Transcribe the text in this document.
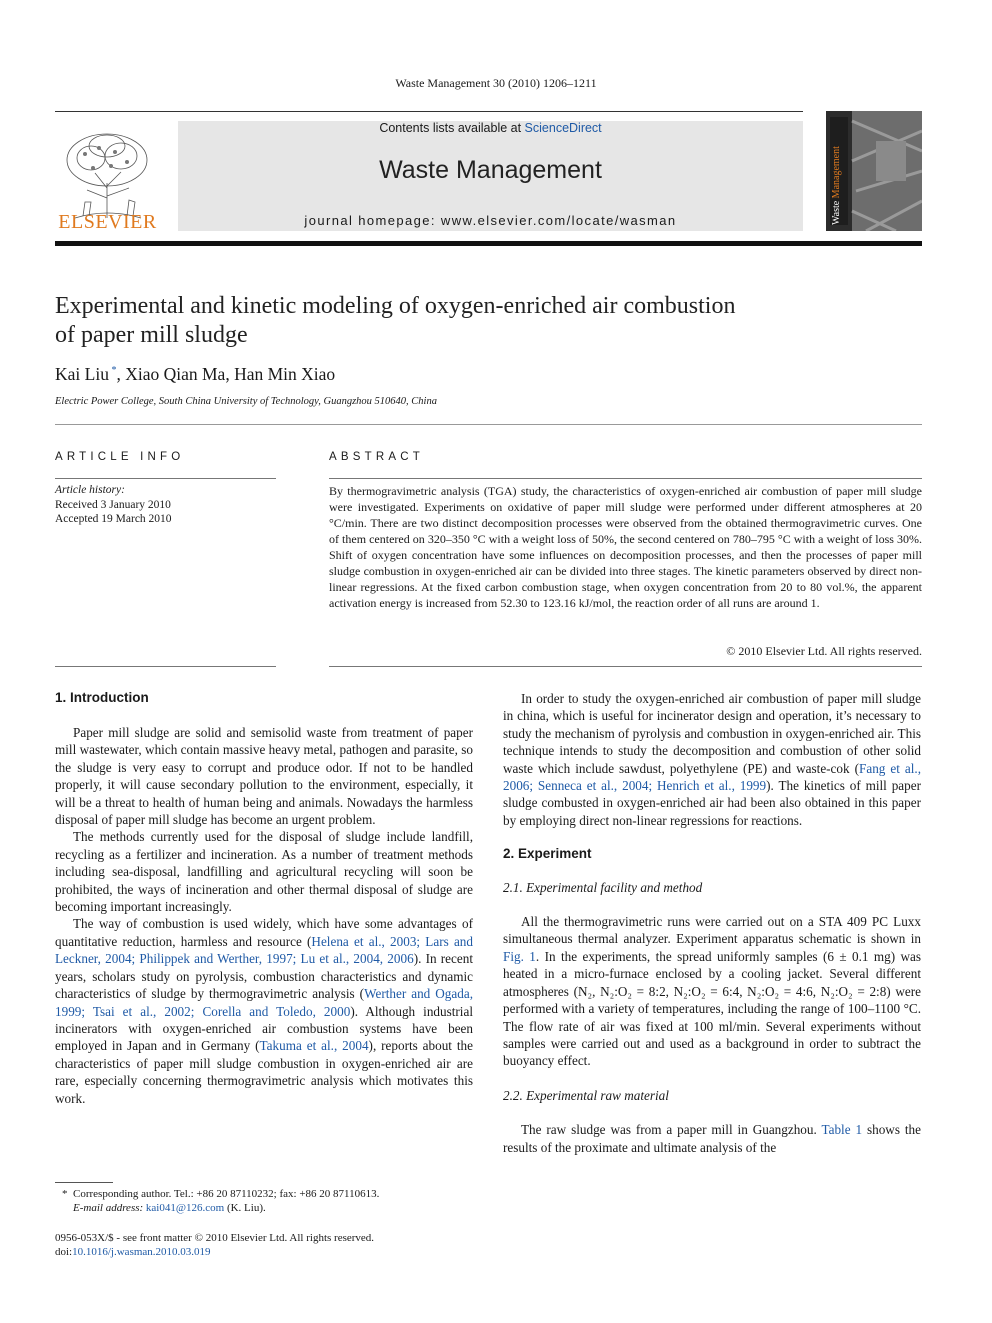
Waste Management 30 (2010) 1206–1211
ELSEVIER
Contents lists available at ScienceDirect
Waste Management
journal homepage: www.elsevier.com/locate/wasman	Waste Management
Experimental and kinetic modeling of oxygen-enriched air combustion
of paper mill sludge
Kai Liu *, Xiao Qian Ma, Han Min Xiao
Electric Power College, South China University of Technology, Guangzhou 510640, China
ARTICLE INFO
Article history:
Received 3 January 2010
Accepted 19 March 2010
ABSTRACT
By thermogravimetric analysis (TGA) study, the characteristics of oxygen-enriched air combustion of paper mill sludge were investigated. Experiments on oxidative of paper mill sludge were performed under different atmospheres at 20 °C/min. There are two distinct decomposition processes were observed from the obtained thermogravimetric curves. One of them centered on 320–350 °C with a weight loss of 50%, the second centered on 780–795 °C with a weight of loss 30%. Shift of oxygen concentration have some influences on decomposition processes, and then the processes of paper mill sludge combustion in oxygen-enriched air can be divided into three stages. The kinetic parameters observed by direct non-linear regressions. At the fixed carbon combustion stage, when oxygen concentration from 20 to 80 vol.%, the apparent activation energy is increased from 52.30 to 123.16 kJ/mol, the reaction order of all runs are around 1.
© 2010 Elsevier Ltd. All rights reserved.
1. Introduction

Paper mill sludge are solid and semisolid waste from treatment of paper mill wastewater, which contain massive heavy metal, pathogen and parasite, so the sludge is very easy to corrupt and produce odor. If not to be handled properly, it will cause secondary pollution to the environment, especially, it will be a threat to health of human being and animals. Nowadays the harmless disposal of paper mill sludge has become an urgent problem.

The methods currently used for the disposal of sludge include landfill, recycling as a fertilizer and incineration. As a number of treatment methods including sea-disposal, landfilling and agricultural recycling will soon be prohibited, the ways of incineration and other thermal disposal of sludge are becoming important increasingly.

The way of combustion is used widely, which have some advantages of quantitative reduction, harmless and resource (Helena et al., 2003; Lars and Leckner, 2004; Philippek and Werther, 1997; Lu et al., 2004, 2006). In recent years, scholars study on pyrolysis, combustion characteristics and dynamic characteristics of sludge by thermogravimetric analysis (Werther and Ogada, 1999; Tsai et al., 2002; Corella and Toledo, 2000). Although industrial incinerators with oxygen-enriched air combustion systems have been employed in Japan and in Germany (Takuma et al., 2004), reports about the characteristics of paper mill sludge combustion in oxygen-enriched air are rare, especially concerning thermogravimetric analysis which motivates this work.

In order to study the oxygen-enriched air combustion of paper mill sludge in china, which is useful for incinerator design and operation, it’s necessary to study the mechanism of pyrolysis and combustion in oxygen-enriched air. This technique intends to study the decomposition and combustion of other solid waste which include sawdust, polyethylene (PE) and waste-cok (Fang et al., 2006; Senneca et al., 2004; Henrich et al., 1999). The kinetics of mill paper sludge combusted in oxygen-enriched air had been also obtained in this paper by employing direct non-linear regressions for reactions.

2. Experiment
2.1. Experimental facility and method

All the thermogravimetric runs were carried out on a STA 409 PC Luxx simultaneous thermal analyzer. Experiment apparatus schematic is shown in Fig. 1. In the experiments, the spread uniformly samples (6 ± 0.1 mg) was heated in a micro-furnace enclosed by a cooling jacket. Several different atmospheres (N₂, N₂:O₂ = 8:2, N₂:O₂ = 6:4, N₂:O₂ = 4:6, N₂:O₂ = 2:8) were performed with a variety of temperatures, including the range of 100–1100 °C. The flow rate of air was fixed at 100 ml/min. Several experiments without samples were carried out and used as a background in order to subtract the buoyancy effect.

2.2. Experimental raw material

The raw sludge was from a paper mill in Guangzhou. Table 1 shows the results of the proximate and ultimate analysis of the

* Corresponding author. Tel.: +86 20 87110232; fax: +86 20 87110613.
E-mail address: kai041@126.com (K. Liu).
0956-053X/$ - see front matter © 2010 Elsevier Ltd. All rights reserved.
doi:10.1016/j.wasman.2010.03.019
